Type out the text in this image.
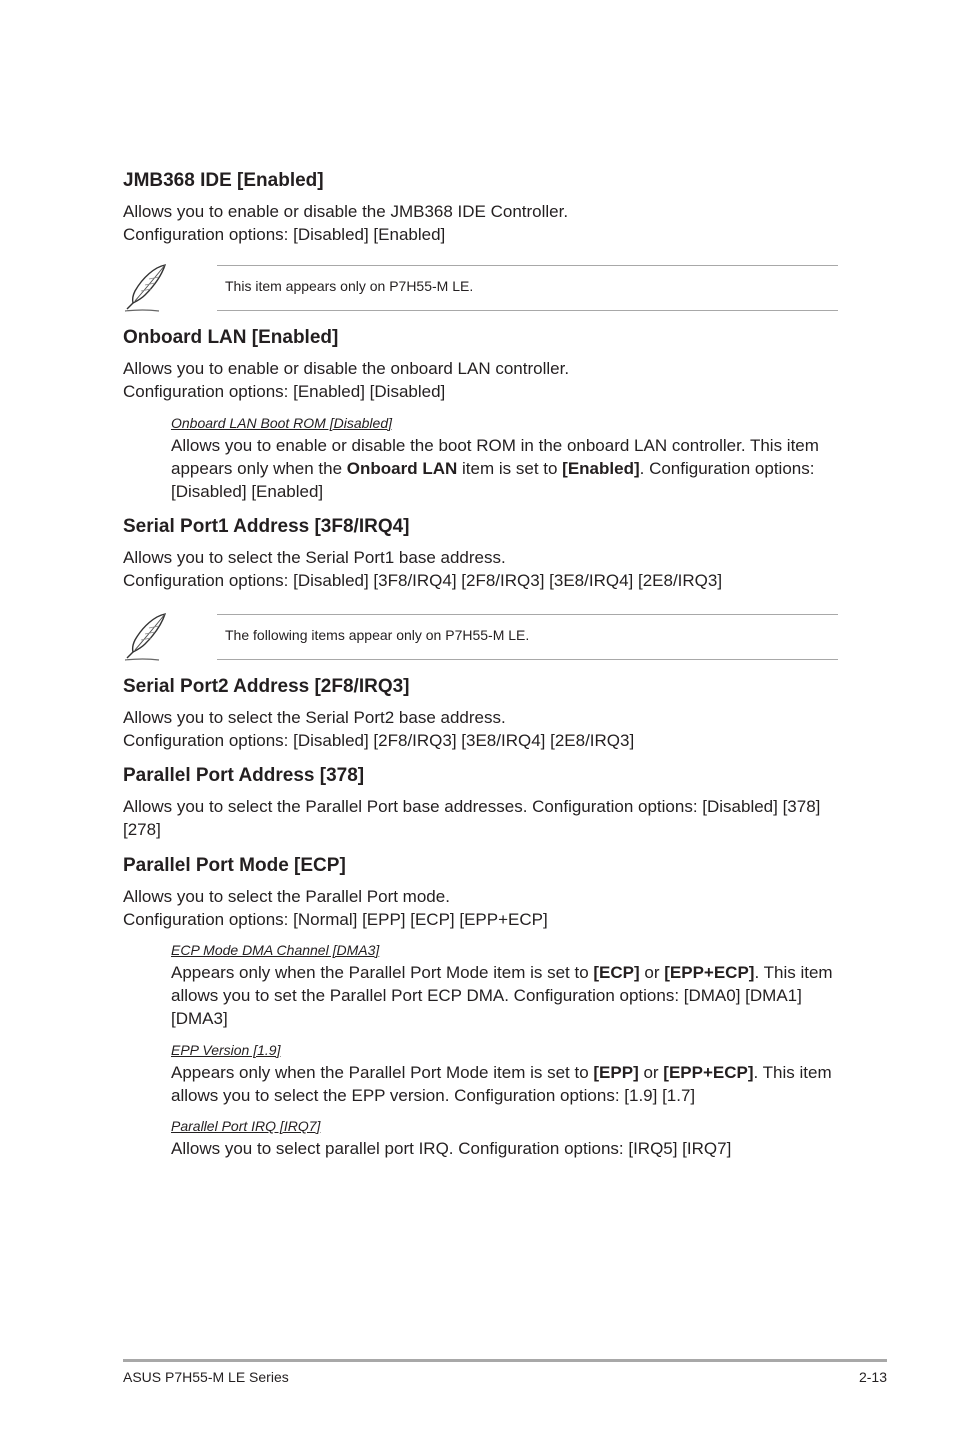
JMB368 IDE [Enabled]

Allows you to enable or disable the JMB368 IDE Controller.

Configuration options: [Disabled] [Enabled]

This item appears only on P7H55-M LE.
Onboard LAN [Enabled]

Allows you to enable or disable the onboard LAN controller.

Configuration options: [Enabled] [Disabled]

Onboard LAN Boot ROM [Disabled]

Allows you to enable or disable the boot ROM in the onboard LAN controller. This item appears only when the Onboard LAN item is set to [Enabled]. Configuration options: [Disabled] [Enabled]

Serial Port1 Address [3F8/IRQ4]

Allows you to select the Serial Port1 base address.

Configuration options: [Disabled] [3F8/IRQ4] [2F8/IRQ3] [3E8/IRQ4] [2E8/IRQ3]

The following items appear only on P7H55-M LE.
Serial Port2 Address [2F8/IRQ3]

Allows you to select the Serial Port2 base address.

Configuration options: [Disabled] [2F8/IRQ3] [3E8/IRQ4] [2E8/IRQ3]

Parallel Port Address [378]

Allows you to select the Parallel Port base addresses. Configuration options: [Disabled] [378] [278]

Parallel Port Mode [ECP]

Allows you to select the Parallel Port mode.

Configuration options: [Normal] [EPP] [ECP] [EPP+ECP]

ECP Mode DMA Channel [DMA3]

Appears only when the Parallel Port Mode item is set to [ECP] or [EPP+ECP]. This item allows you to set the Parallel Port ECP DMA. Configuration options: [DMA0] [DMA1] [DMA3]

EPP Version [1.9]

Appears only when the Parallel Port Mode item is set to [EPP] or [EPP+ECP]. This item allows you to select the EPP version. Configuration options: [1.9] [1.7]

Parallel Port IRQ [IRQ7]

Allows you to select parallel port IRQ. Configuration options: [IRQ5] [IRQ7]

ASUS P7H55-M LE Series	2-13
